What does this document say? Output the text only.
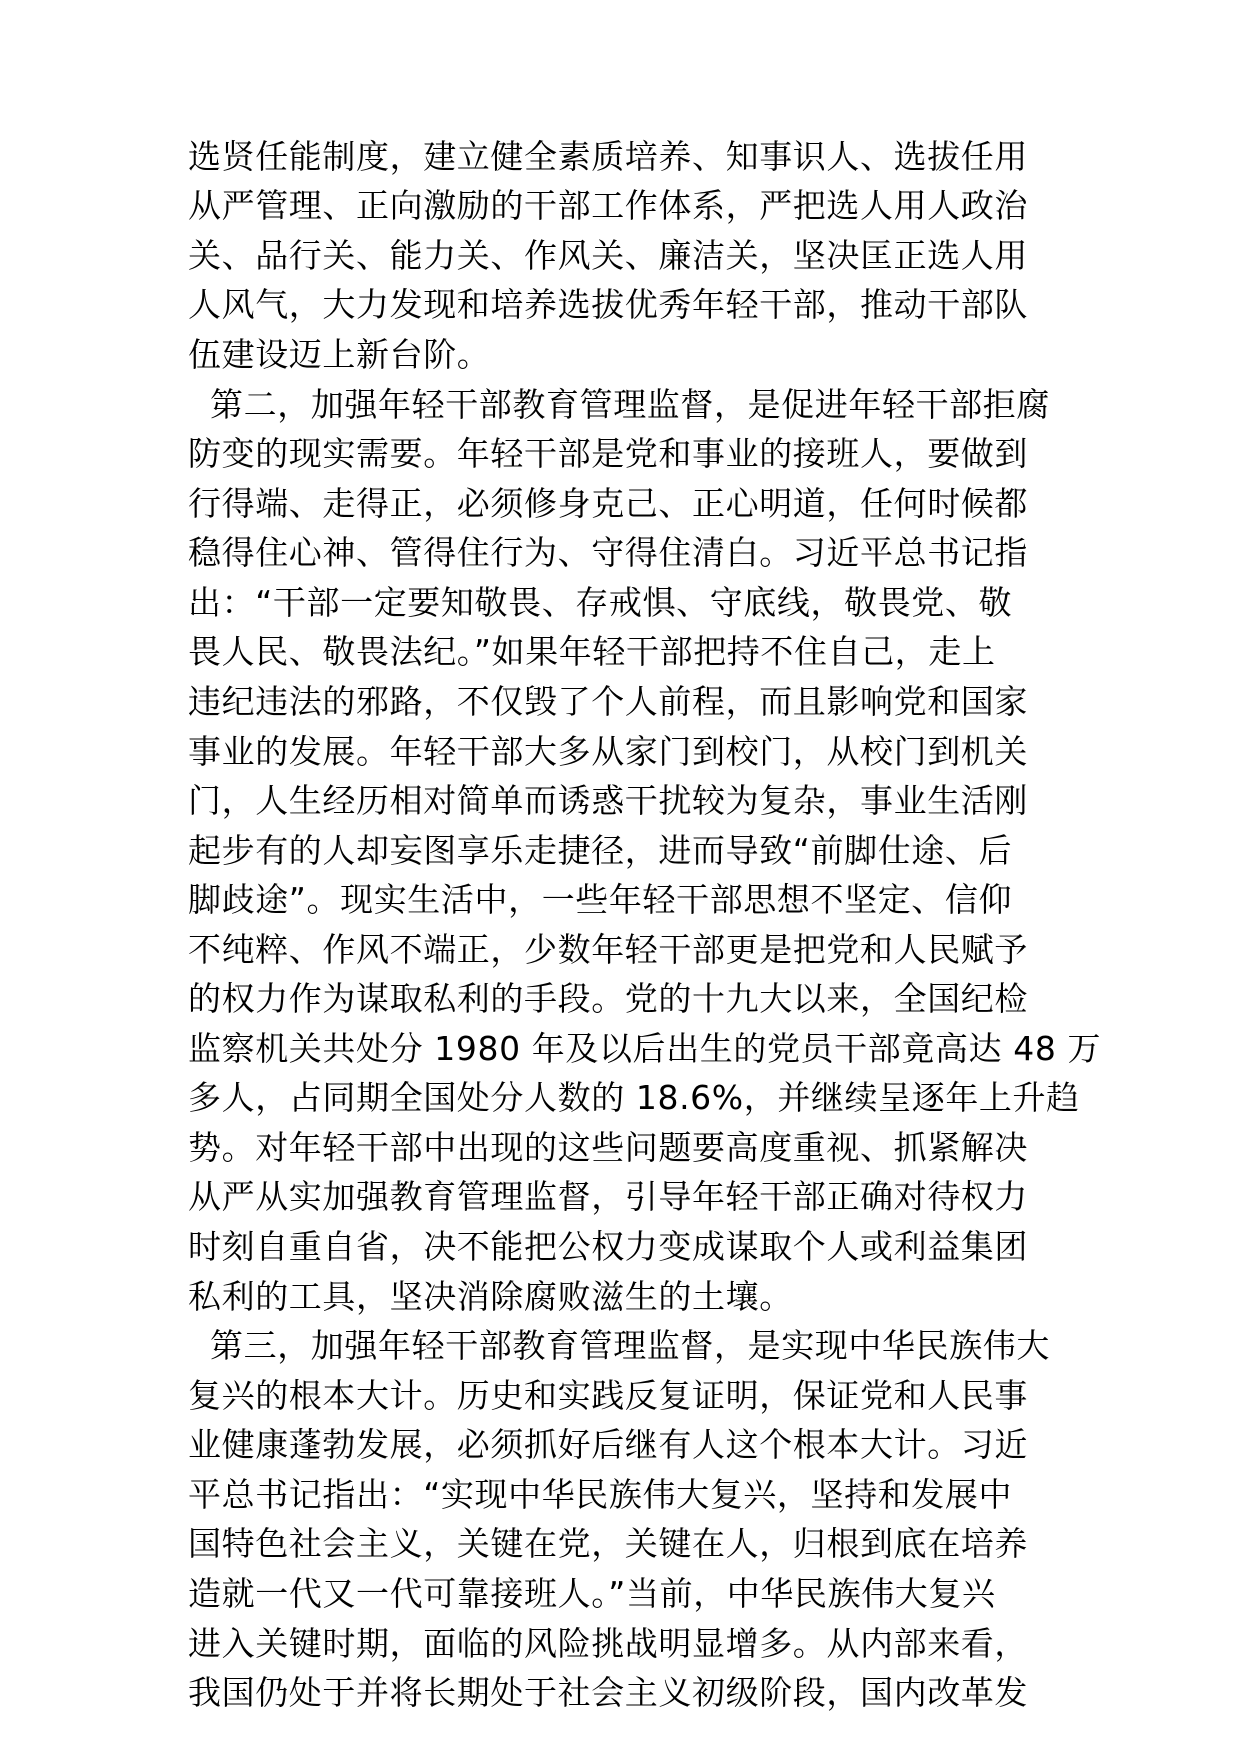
选贤任能制度，建立健全素质培养、知事识人、选拔任用
从严管理、正向激励的干部工作体系，严把选人用人政治
关、品行关、能力关、作风关、廉洁关，坚决匡正选人用
人风气，大力发现和培养选拔优秀年轻干部，推动干部队
伍建设迈上新台阶。
第二，加强年轻干部教育管理监督，是促进年轻干部拒腐
防变的现实需要。年轻干部是党和事业的接班人，要做到
行得端、走得正，必须修身克己、正心明道，任何时候都
稳得住心神、管得住行为、守得住清白。习近平总书记指
出：“干部一定要知敬畏、存戒惧、守底线，敬畏党、敬
畏人民、敬畏法纪。”如果年轻干部把持不住自己，走上
违纪违法的邪路，不仅毁了个人前程，而且影响党和国家
事业的发展。年轻干部大多从家门到校门，从校门到机关
门，人生经历相对简单而诱惑干扰较为复杂，事业生活刚
起步有的人却妄图享乐走捷径，进而导致“前脚仕途、后
脚歧途”。现实生活中，一些年轻干部思想不坚定、信仰
不纯粹、作风不端正，少数年轻干部更是把党和人民赋予
的权力作为谋取私利的手段。党的十九大以来，全国纪检
监察机关共处分 1980 年及以后出生的党员干部竟高达 48 万
多人，占同期全国处分人数的 18.6%，并继续呈逐年上升趋
势。对年轻干部中出现的这些问题要高度重视、抓紧解决
从严从实加强教育管理监督，引导年轻干部正确对待权力
时刻自重自省，决不能把公权力变成谋取个人或利益集团
私利的工具，坚决消除腐败滋生的土壤。
第三，加强年轻干部教育管理监督，是实现中华民族伟大
复兴的根本大计。历史和实践反复证明，保证党和人民事
业健康蓬勃发展，必须抓好后继有人这个根本大计。习近
平总书记指出：“实现中华民族伟大复兴，坚持和发展中
国特色社会主义，关键在党，关键在人，归根到底在培养
造就一代又一代可靠接班人。”当前，中华民族伟大复兴
进入关键时期，面临的风险挑战明显增多。从内部来看，
我国仍处于并将长期处于社会主义初级阶段，国内改革发
